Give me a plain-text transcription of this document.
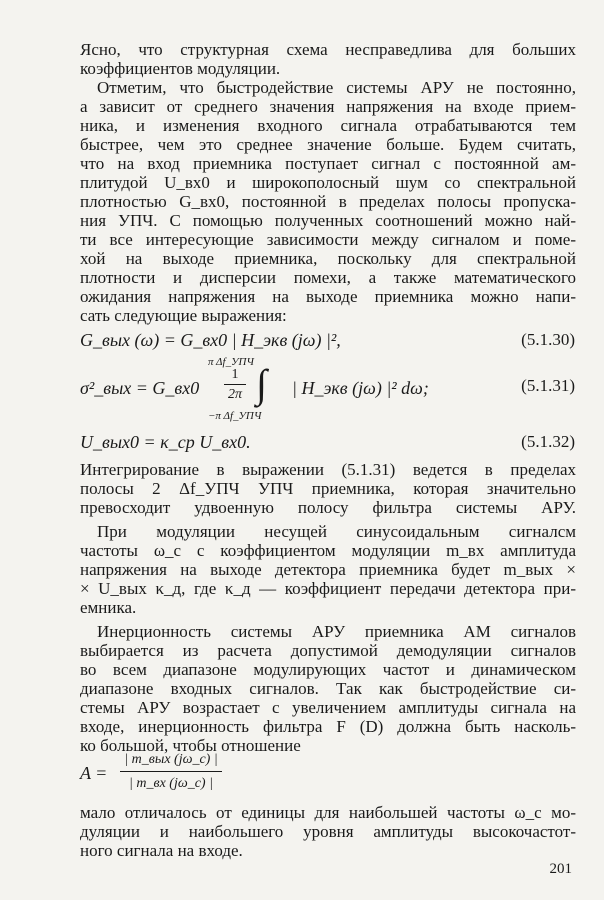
Ясно, что структурная схема несправедлива для больших
коэффициентов модуляции.
Отметим, что быстродействие системы АРУ не постоянно,
а зависит от среднего значения напряжения на входе прием-
ника, и изменения входного сигнала отрабатываются тем
быстрее, чем это среднее значение больше. Будем считать,
что на вход приемника поступает сигнал с постоянной ам-
плитудой U_вх0 и широкополосный шум со спектральной
плотностью G_вх0, постоянной в пределах полосы пропуска-
ния УПЧ. С помощью полученных соотношений можно най-
ти все интересующие зависимости между сигналом и поме-
хой на выходе приемника, поскольку для спектральной
плотности и дисперсии помехи, а также математического
ожидания напряжения на выходе приемника можно напи-
сать следующие выражения:
G_вых (ω) = G_вх0 | H_экв (jω) |²,	(5.1.30)
σ²_вых = G_вх0
1
2π
π Δf_УПЧ ∫
−π Δf_УПЧ
| H_экв (jω) |² dω;	(5.1.31)
U_вых0 = κ_ср U_вх0.	(5.1.32)
Интегрирование в выражении (5.1.31) ведется в пределах
полосы 2 Δf_УПЧ УПЧ приемника, которая значительно
превосходит удвоенную полосу фильтра системы АРУ.
При модуляции несущей синусоидальным сигналсм
частоты ω_c с коэффициентом модуляции m_вх амплитуда
напряжения на выходе детектора приемника будет m_вых ×
× U_вых κ_д, где κ_д — коэффициент передачи детектора при-
емника.
Инерционность системы АРУ приемника АМ сигналов
выбирается из расчета допустимой демодуляции сигналов
во всем диапазоне модулирующих частот и динамическом
диапазоне входных сигналов. Так как быстродействие си-
стемы АРУ возрастает с увеличением амплитуды сигнала на
входе, инерционность фильтра F (D) должна быть насколь-
ко большой, чтобы отношение
A =
| m_вых (jω_c) |
| m_вх (jω_c) |
мало отличалось от единицы для наибольшей частоты ω_c мо-
дуляции и наибольшего уровня амплитуды высокочастот-
ного сигнала на входе.
201
